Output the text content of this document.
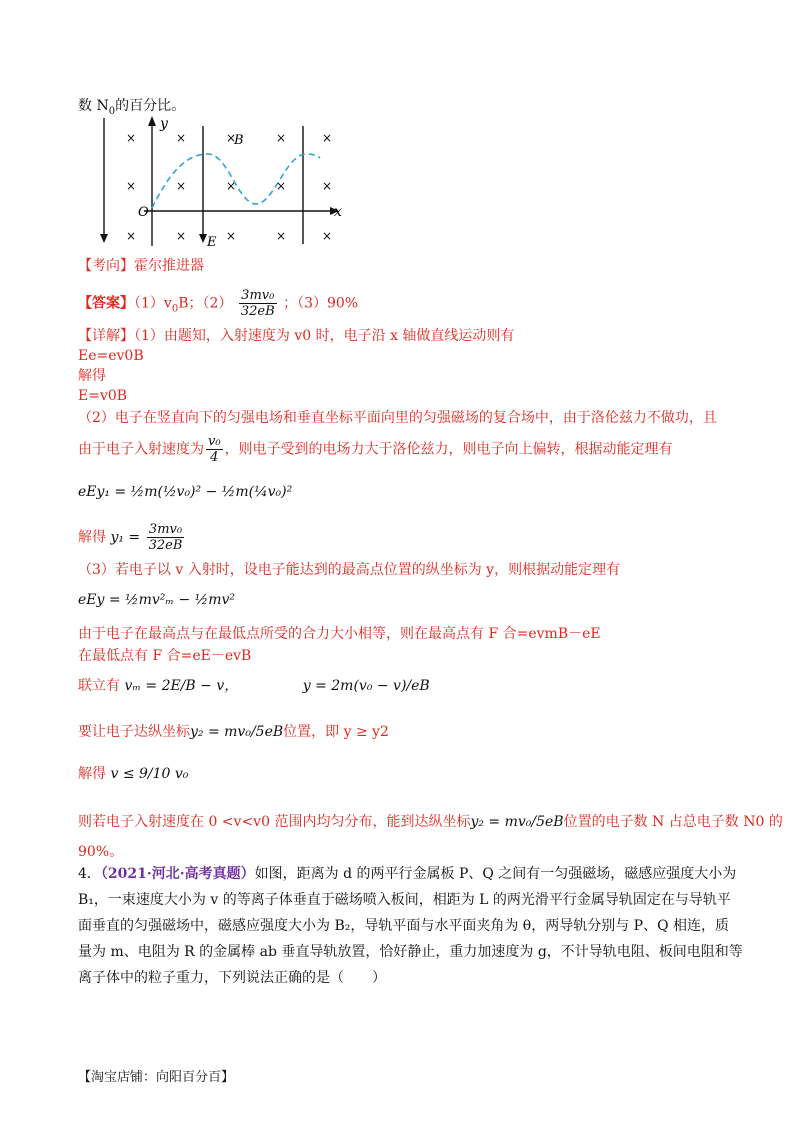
数 $N_0$的百分比。
×	×	×	×	×
×	×	×	×	×
×	×	×	×	×
y
x
O
B
E
【考向】霍尔推进器
【答案】$(1)v_0B$；$(2) \frac{\text{3mv₀}}{32eB}$ ；（3）90%
【详解】（1）由题知，入射速度为 v0 时，电子沿 x 轴做直线运动则有
Ee=ev0B
解得
E=v0B
（2）电子在竖直向下的匀强电场和垂直坐标平面向里的匀强磁场的复合场中，由于洛伦兹力不做功，且
由于电子入射速度为 $\frac{\text{v₀}}{4}$ ，则电子受到的电场力大于洛伦兹力，则电子向上偏转，根据动能定理有
eEy₁ = ½m(½v₀)² − ½m(¼v₀)²
解得 $y_1 = \frac{\text{3mv₀}}{32eB}$
（3）若电子以 v 入射时，设电子能达到的最高点位置的纵坐标为 y，则根据动能定理有
eEy = ½mv²ₘ − ½mv²
由于电子在最高点与在最低点所受的合力大小相等，则在最高点有 F 合=evmB－eE
在最低点有 F 合=eE－evB
联立有 vₘ = 2E/B − v，	y = 2m(v₀ − v)/eB
要让电子达纵坐标y₂ = mv₀/5eB位置，即 y ≥ y2
解得 v ≤ 9/10 v₀
则若电子入射速度在 0 <v<v0 范围内均匀分布，能到达纵坐标y₂ = mv₀/5eB位置的电子数 N 占总电子数 N0 的
90%。
4．（2021·河北·高考真题）如图，距离为 d 的两平行金属板 P、Q 之间有一匀强磁场，磁感应强度大小为
B₁，一束速度大小为 v 的等离子体垂直于磁场喷入板间，相距为 L 的两光滑平行金属导轨固定在与导轨平
面垂直的匀强磁场中，磁感应强度大小为 B₂，导轨平面与水平面夹角为 θ，两导轨分别与 P、Q 相连，质
量为 m、电阻为 R 的金属棒 ab 垂直导轨放置，恰好静止，重力加速度为 g，不计导轨电阻、板间电阻和等
离子体中的粒子重力，下列说法正确的是（　　）
【淘宝店铺：向阳百分百】
